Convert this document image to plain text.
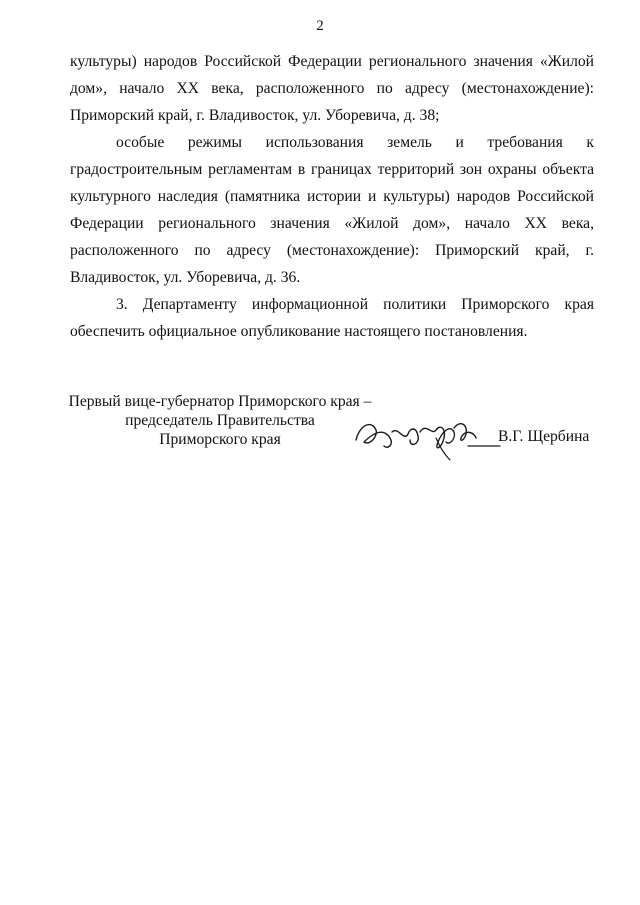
2

культуры) народов Российской Федерации регионального значения «Жилой дом», начало XX века, расположенного по адресу (местонахождение): Приморский край, г. Владивосток, ул. Уборевича, д. 38;

особые режимы использования земель и требования к градостроительным регламентам в границах территорий зон охраны объекта культурного наследия (памятника истории и культуры) народов Российской Федерации регионального значения «Жилой дом», начало XX века, расположенного по адресу (местонахождение): Приморский край, г. Владивосток, ул. Уборевича, д. 36.

3. Департаменту информационной политики Приморского края обеспечить официальное опубликование настоящего постановления.

Первый вице-губернатор Приморского края –
председатель Правительства
Приморского края	В.Г. Щербина
